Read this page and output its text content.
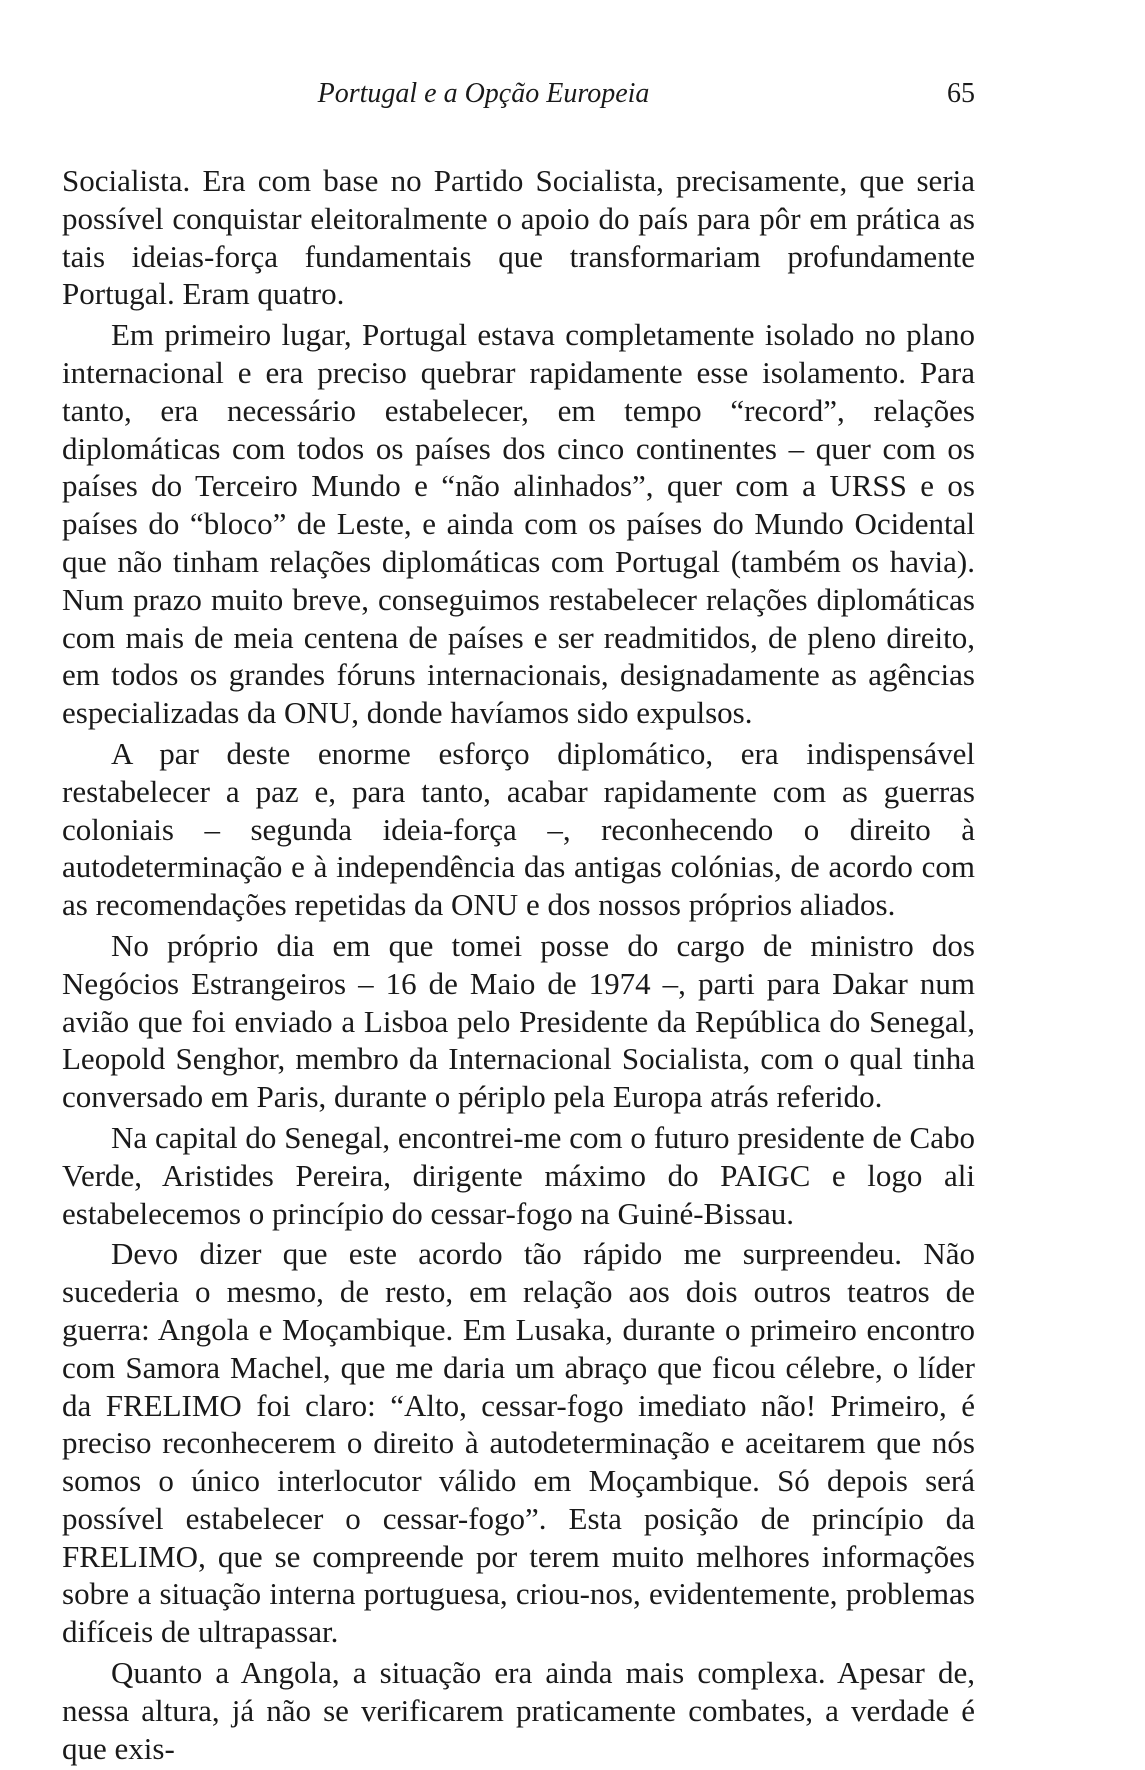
Portugal e a Opção Europeia	65

Socialista. Era com base no Partido Socialista, precisamente, que seria possível conquistar eleitoralmente o apoio do país para pôr em prática as tais ideias-força fundamentais que transformariam profundamente Portugal. Eram quatro.

Em primeiro lugar, Portugal estava completamente isolado no plano internacional e era preciso quebrar rapidamente esse isolamento. Para tanto, era necessário estabelecer, em tempo “record”, relações diplomáticas com todos os países dos cinco continentes – quer com os países do Terceiro Mundo e “não alinhados”, quer com a URSS e os países do “bloco” de Leste, e ainda com os países do Mundo Ocidental que não tinham relações diplomáticas com Portugal (também os havia). Num prazo muito breve, conseguimos restabelecer relações diplomáticas com mais de meia centena de países e ser readmitidos, de pleno direito, em todos os grandes fóruns internacionais, designadamente as agências especializadas da ONU, donde havíamos sido expulsos.

A par deste enorme esforço diplomático, era indispensável restabelecer a paz e, para tanto, acabar rapidamente com as guerras coloniais – segunda ideia-força –, reconhecendo o direito à autodeterminação e à independência das antigas colónias, de acordo com as recomendações repetidas da ONU e dos nossos próprios aliados.

No próprio dia em que tomei posse do cargo de ministro dos Negócios Estrangeiros – 16 de Maio de 1974 –, parti para Dakar num avião que foi enviado a Lisboa pelo Presidente da República do Senegal, Leopold Senghor, membro da Internacional Socialista, com o qual tinha conversado em Paris, durante o périplo pela Europa atrás referido.

Na capital do Senegal, encontrei-me com o futuro presidente de Cabo Verde, Aristides Pereira, dirigente máximo do PAIGC e logo ali estabelecemos o princípio do cessar-fogo na Guiné-Bissau.

Devo dizer que este acordo tão rápido me surpreendeu. Não sucederia o mesmo, de resto, em relação aos dois outros teatros de guerra: Angola e Moçambique. Em Lusaka, durante o primeiro encontro com Samora Machel, que me daria um abraço que ficou célebre, o líder da FRELIMO foi claro: “Alto, cessar-fogo imediato não! Primeiro, é preciso reconhecerem o direito à autodeterminação e aceitarem que nós somos o único interlocutor válido em Moçambique. Só depois será possível estabelecer o cessar-fogo”. Esta posição de princípio da FRELIMO, que se compreende por terem muito melhores informações sobre a situação interna portuguesa, criou-nos, evidentemente, problemas difíceis de ultrapassar.

Quanto a Angola, a situação era ainda mais complexa. Apesar de, nessa altura, já não se verificarem praticamente combates, a verdade é que exis-
